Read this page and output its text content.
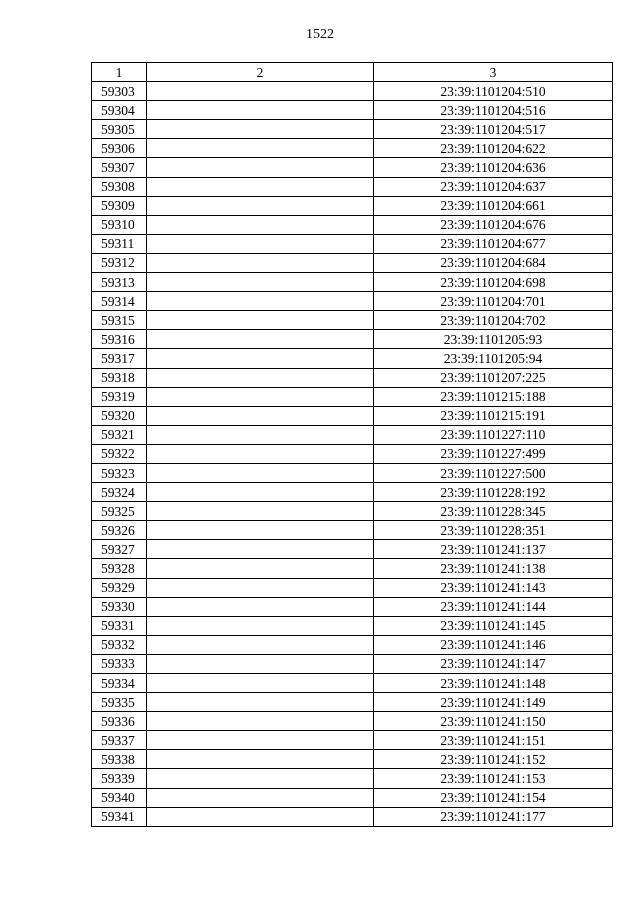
1522
1	2	3
59303		23:39:1101204:510
59304		23:39:1101204:516
59305		23:39:1101204:517
59306		23:39:1101204:622
59307		23:39:1101204:636
59308		23:39:1101204:637
59309		23:39:1101204:661
59310		23:39:1101204:676
59311		23:39:1101204:677
59312		23:39:1101204:684
59313		23:39:1101204:698
59314		23:39:1101204:701
59315		23:39:1101204:702
59316		23:39:1101205:93
59317		23:39:1101205:94
59318		23:39:1101207:225
59319		23:39:1101215:188
59320		23:39:1101215:191
59321		23:39:1101227:110
59322		23:39:1101227:499
59323		23:39:1101227:500
59324		23:39:1101228:192
59325		23:39:1101228:345
59326		23:39:1101228:351
59327		23:39:1101241:137
59328		23:39:1101241:138
59329		23:39:1101241:143
59330		23:39:1101241:144
59331		23:39:1101241:145
59332		23:39:1101241:146
59333		23:39:1101241:147
59334		23:39:1101241:148
59335		23:39:1101241:149
59336		23:39:1101241:150
59337		23:39:1101241:151
59338		23:39:1101241:152
59339		23:39:1101241:153
59340		23:39:1101241:154
59341		23:39:1101241:177
